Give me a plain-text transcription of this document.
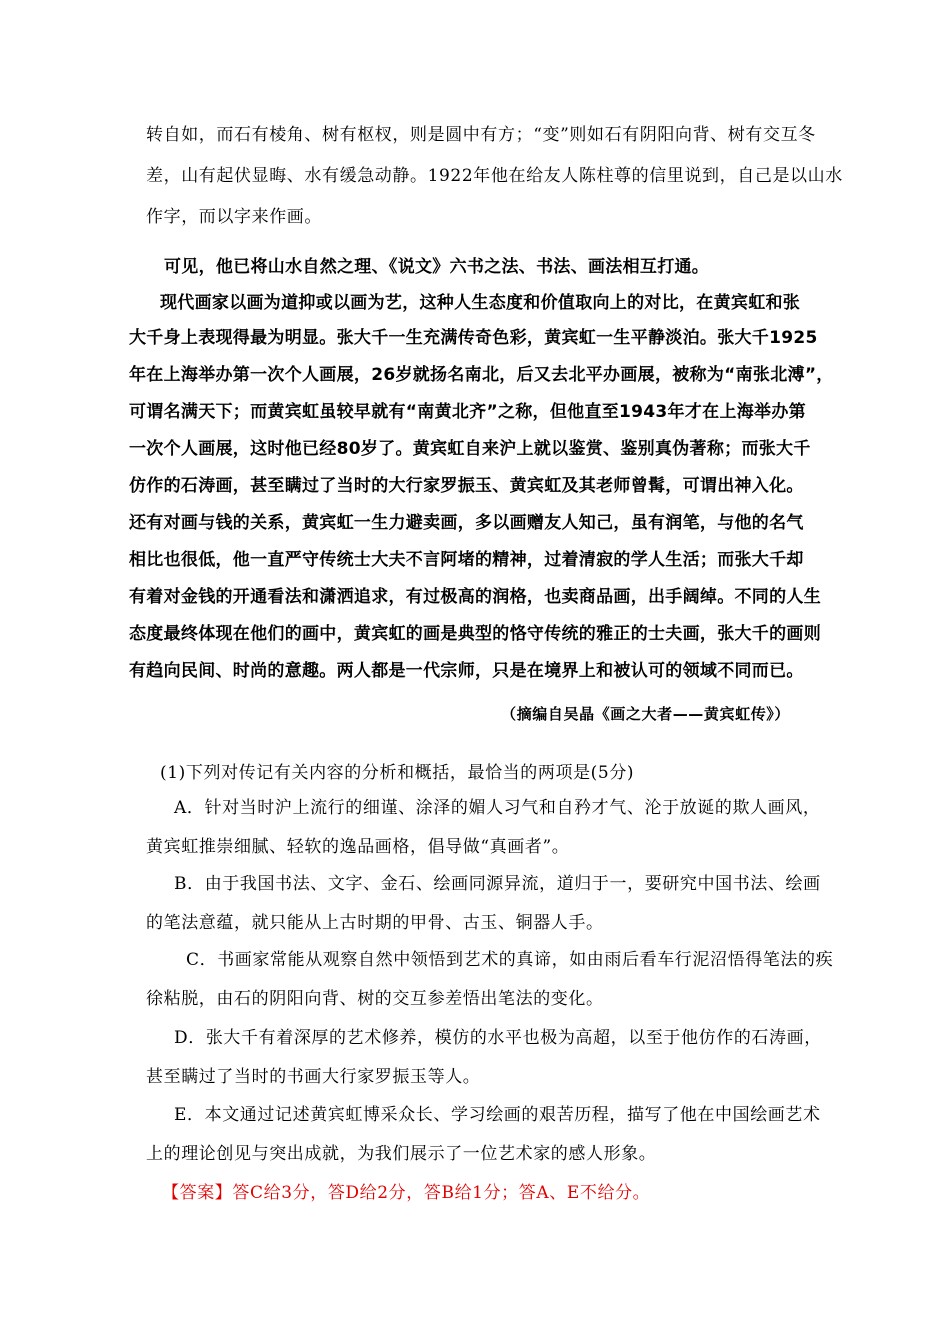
转自如，而石有棱角、树有枢杈，则是圆中有方；“变”则如石有阴阳向背、树有交互冬
差，山有起伏显晦、水有缓急动静。1922年他在给友人陈柱尊的信里说到，自己是以山水
作字，而以字来作画。
可见，他已将山水自然之理、《说文》六书之法、书法、画法相互打通。
现代画家以画为道抑或以画为艺，这种人生态度和价值取向上的对比，在黄宾虹和张
大千身上表现得最为明显。张大千一生充满传奇色彩，黄宾虹一生平静淡泊。张大千1925
年在上海举办第一次个人画展，26岁就扬名南北，后又去北平办画展，被称为“南张北溥”，
可谓名满天下；而黄宾虹虽较早就有“南黄北齐”之称，但他直至1943年才在上海举办第
一次个人画展，这时他已经80岁了。黄宾虹自来沪上就以鉴赏、鉴别真伪著称；而张大千
仿作的石涛画，甚至瞒过了当时的大行家罗振玉、黄宾虹及其老师曾髯，可谓出神入化。
还有对画与钱的关系，黄宾虹一生力避卖画，多以画赠友人知己，虽有润笔，与他的名气
相比也很低，他一直严守传统士大夫不言阿堵的精神，过着清寂的学人生活；而张大千却
有着对金钱的开通看法和潇洒追求，有过极高的润格，也卖商品画，出手阔绰。不同的人生
态度最终体现在他们的画中，黄宾虹的画是典型的恪守传统的雅正的士夫画，张大千的画则
有趋向民间、时尚的意趣。两人都是一代宗师，只是在境界上和被认可的领域不同而已。
（摘编自吴晶《画之大者——黄宾虹传》）
(1)下列对传记有关内容的分析和概括，最恰当的两项是(5分)
A．针对当时沪上流行的细谨、涂泽的媚人习气和自矜才气、沦于放诞的欺人画风，
黄宾虹推崇细腻、轻软的逸品画格，倡导做“真画者”。
B．由于我国书法、文字、金石、绘画同源异流，道归于一，要研究中国书法、绘画
的笔法意蕴，就只能从上古时期的甲骨、古玉、铜器人手。
C．书画家常能从观察自然中领悟到艺术的真谛，如由雨后看车行泥沼悟得笔法的疾
徐粘脱，由石的阴阳向背、树的交互参差悟出笔法的变化。
D．张大千有着深厚的艺术修养，模仿的水平也极为高超，以至于他仿作的石涛画，
甚至瞒过了当时的书画大行家罗振玉等人。
E．本文通过记述黄宾虹博采众长、学习绘画的艰苦历程，描写了他在中国绘画艺术
上的理论创见与突出成就，为我们展示了一位艺术家的感人形象。
【答案】答C给3分，答D给2分，答B给1分；答A、E不给分。
